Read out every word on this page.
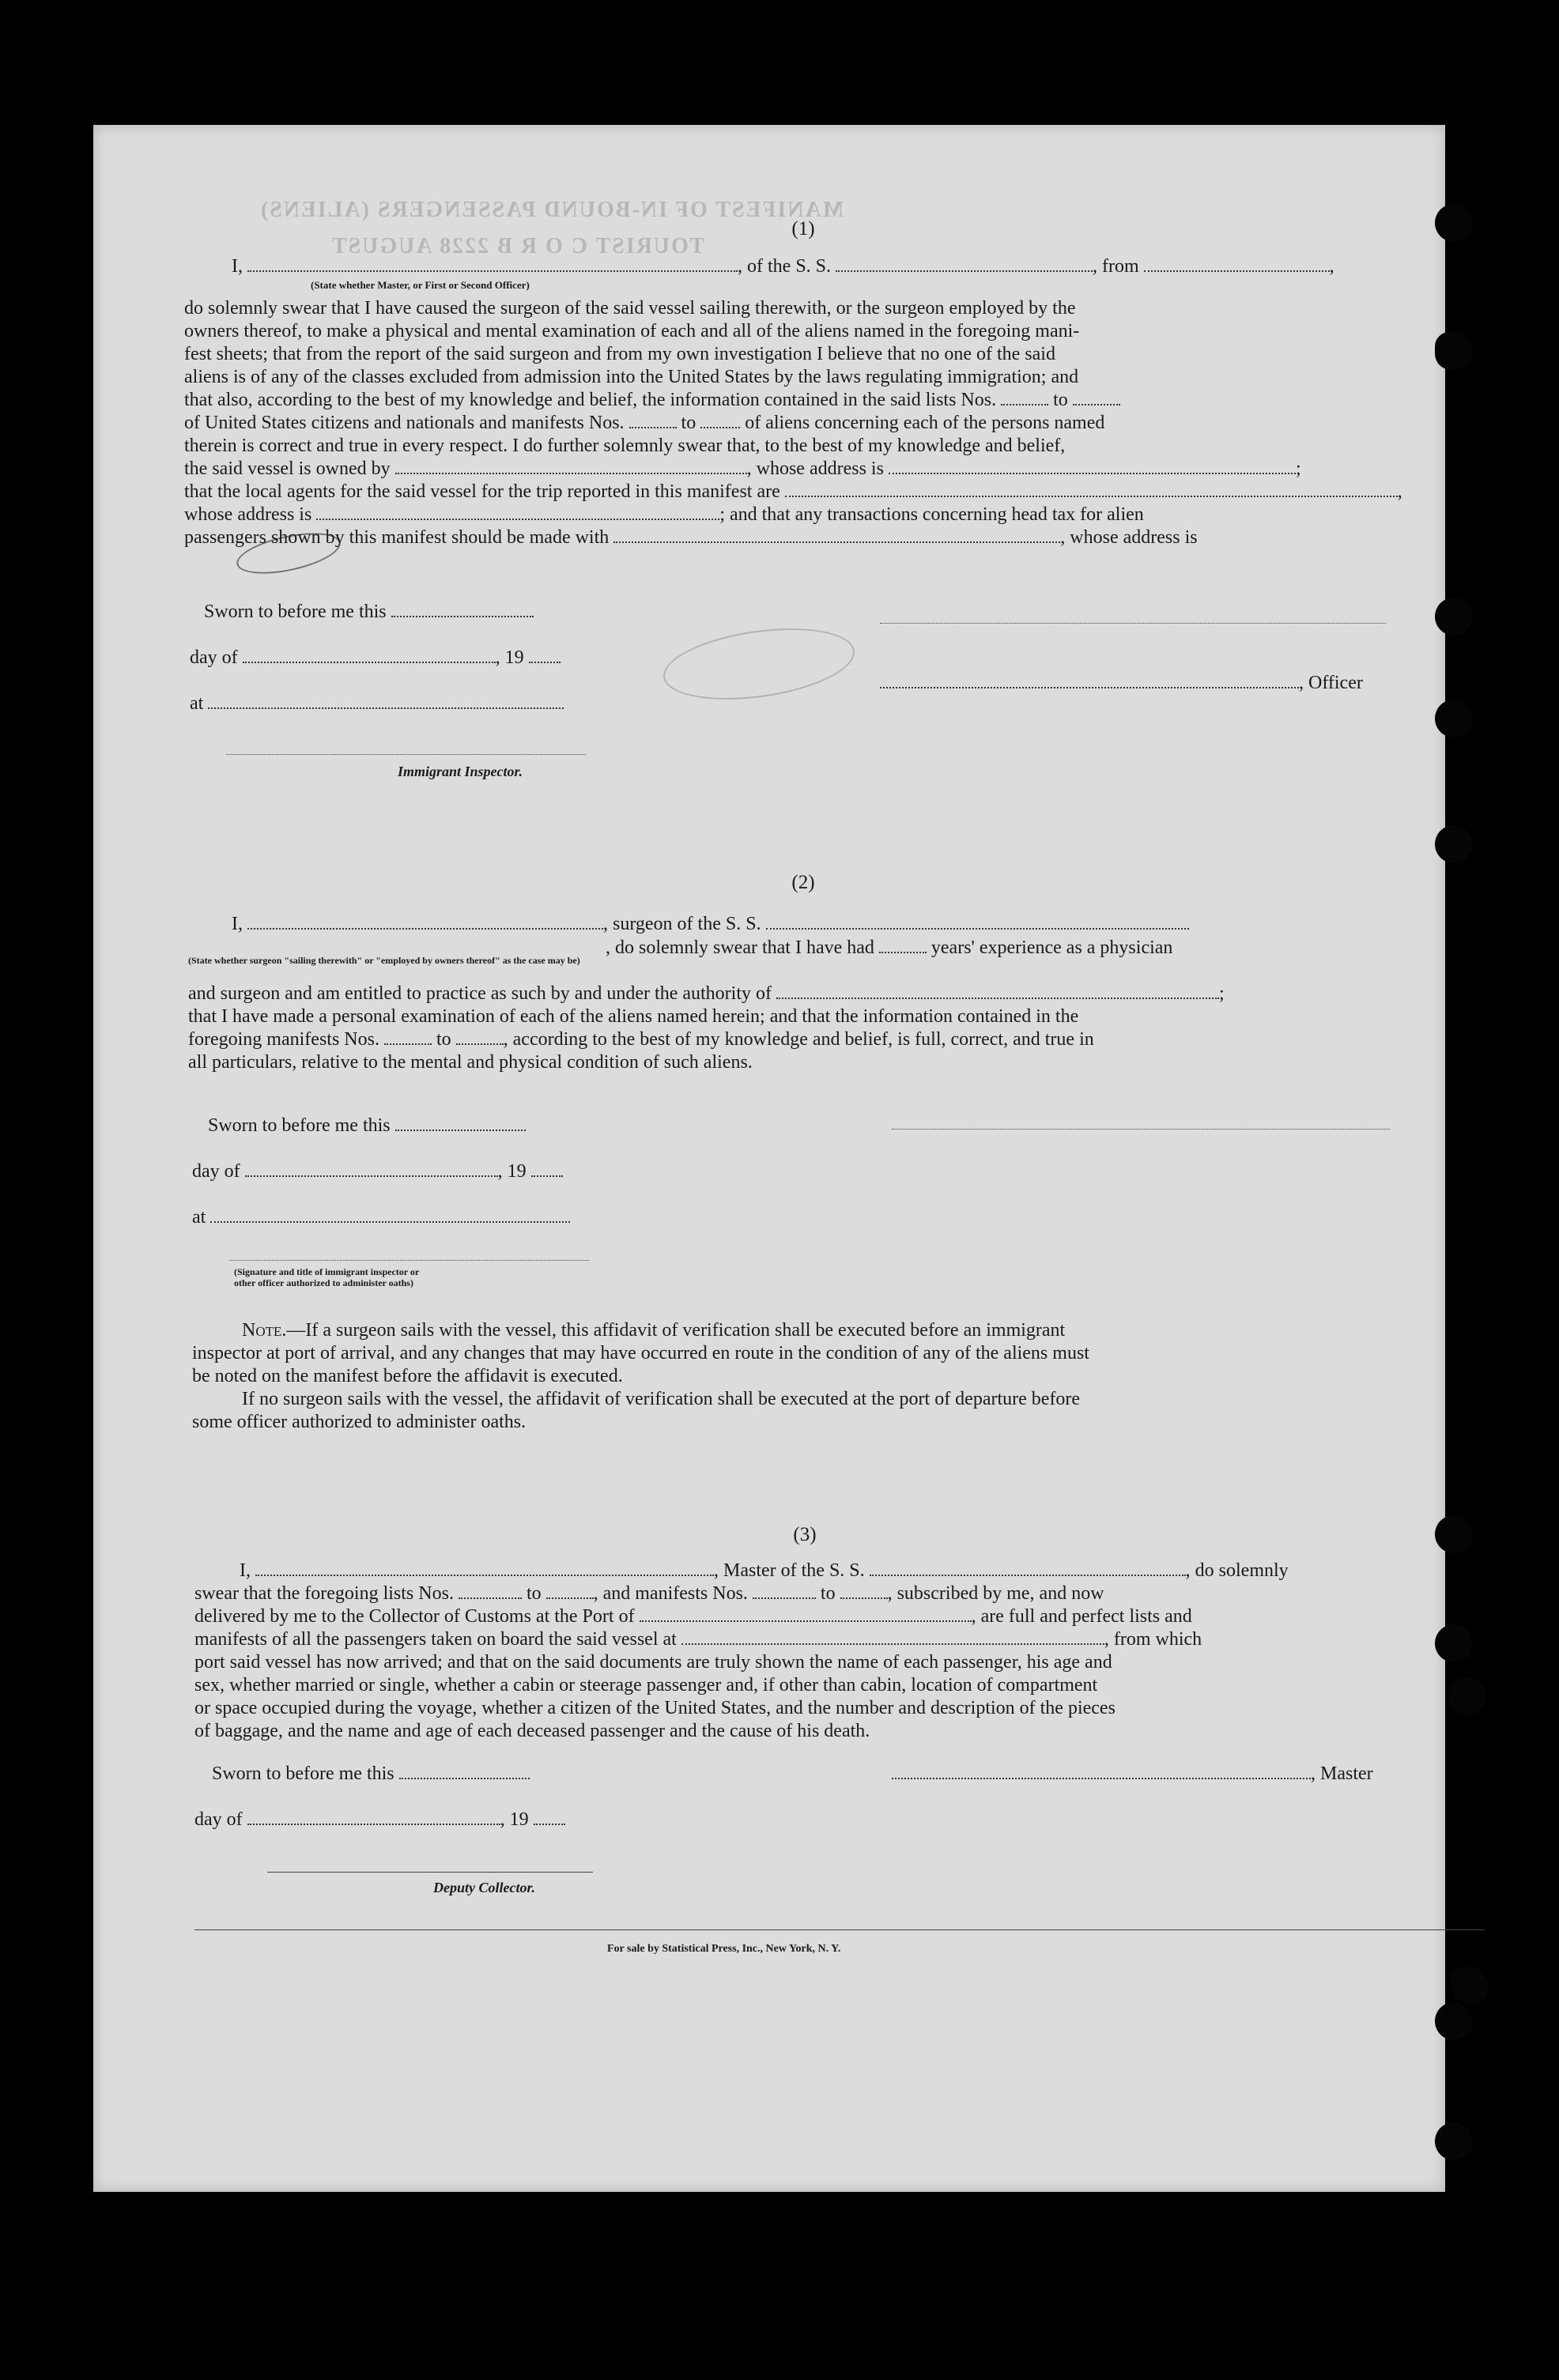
MANIFEST OF IN-BOUND PASSENGERS (ALIENS)
TOURIST C O R B 2228 AUGUST
(1)
I,	, of the S. S.	, from	,
(State whether Master, or First or Second Officer)
do solemnly swear that I have caused the surgeon of the said vessel sailing therewith, or the surgeon employed by the
owners thereof, to make a physical and mental examination of each and all of the aliens named in the foregoing mani-
fest sheets; that from the report of the said surgeon and from my own investigation I believe that no one of the said
aliens is of any of the classes excluded from admission into the United States by the laws regulating immigration; and
that also, according to the best of my knowledge and belief, the information contained in the said lists Nos.	to
of United States citizens and nationals and manifests Nos.	to	of aliens concerning each of the persons named
therein is correct and true in every respect. I do further solemnly swear that, to the best of my knowledge and belief,
the said vessel is owned by	, whose address is	;
that the local agents for the said vessel for the trip reported in this manifest are	,
whose address is	; and that any transactions concerning head tax for alien
passengers shown by this manifest should be made with	, whose address is
Sworn to before me this
day of	, 19
at
Immigrant Inspector.
, Officer
(2)
I,	, surgeon of the S. S.
, do solemnly swear that I have had	years' experience as a physician
(State whether surgeon "sailing therewith" or "employed by owners thereof" as the case may be)
and surgeon and am entitled to practice as such by and under the authority of	;
that I have made a personal examination of each of the aliens named herein; and that the information contained in the
foregoing manifests Nos.	to	, according to the best of my knowledge and belief, is full, correct, and true in
all particulars, relative to the mental and physical condition of such aliens.
Sworn to before me this
day of	, 19
at
(Signature and title of immigrant inspector or
other officer authorized to administer oaths)
Note.—If a surgeon sails with the vessel, this affidavit of verification shall be executed before an immigrant
inspector at port of arrival, and any changes that may have occurred en route in the condition of any of the aliens must
be noted on the manifest before the affidavit is executed.
If no surgeon sails with the vessel, the affidavit of verification shall be executed at the port of departure before
some officer authorized to administer oaths.
(3)
I,	, Master of the S. S.	, do solemnly
swear that the foregoing lists Nos.	to	, and manifests Nos.	to	, subscribed by me, and now
delivered by me to the Collector of Customs at the Port of	, are full and perfect lists and
manifests of all the passengers taken on board the said vessel at	, from which
port said vessel has now arrived; and that on the said documents are truly shown the name of each passenger, his age and
sex, whether married or single, whether a cabin or steerage passenger and, if other than cabin, location of compartment
or space occupied during the voyage, whether a citizen of the United States, and the number and description of the pieces
of baggage, and the name and age of each deceased passenger and the cause of his death.
Sworn to before me this	, Master
day of	, 19
Deputy Collector.
For sale by Statistical Press, Inc., New York, N. Y.
